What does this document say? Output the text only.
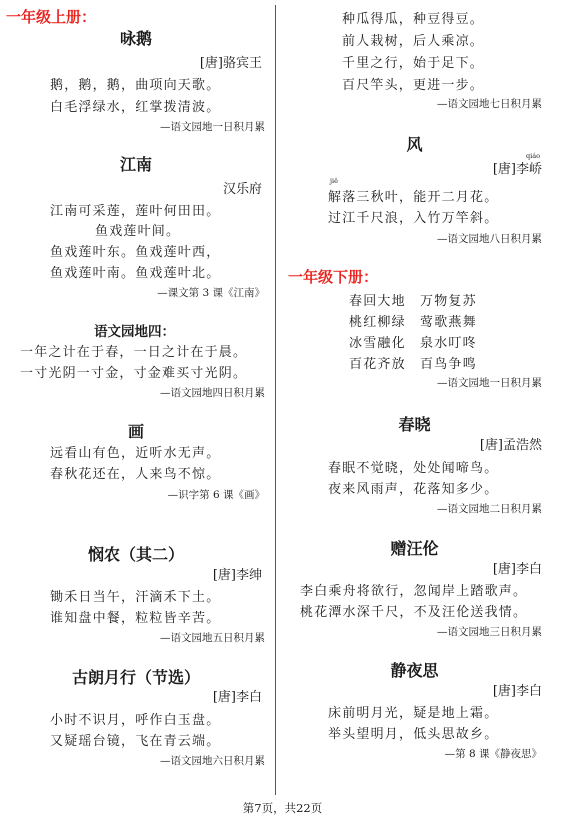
一年级上册：
咏鹅
[唐]骆宾王
鹅，鹅，鹅，曲项向天歌。
白毛浮绿水，红掌拨清波。
—语文园地一日积月累
江南
汉乐府
江南可采莲，莲叶何田田。
鱼戏莲叶间。
鱼戏莲叶东。鱼戏莲叶西，
鱼戏莲叶南。鱼戏莲叶北。
—课文第 3 课《江南》
语文园地四：
一年之计在于春，一日之计在于晨。
一寸光阴一寸金，寸金难买寸光阴。
—语文园地四日积月累
画
远看山有色，近听水无声。
春秋花还在，人来鸟不惊。
—识字第 6 课《画》
悯农（其二）
[唐]李绅
锄禾日当午，汗滴禾下土。
谁知盘中餐，粒粒皆辛苦。
—语文园地五日积月累
古朗月行（节选）
[唐]李白
小时不识月，呼作白玉盘。
又疑瑶台镜，飞在青云端。
—语文园地六日积月累
种瓜得瓜，种豆得豆。
前人栽树，后人乘凉。
千里之行，始于足下。
百尺竿头，更进一步。
—语文园地七日积月累
风
qiáo
[唐]李峤
jiě
解落三秋叶，能开二月花。
过江千尺浪，入竹万竿斜。
—语文园地八日积月累
一年级下册：
春回大地　万物复苏
桃红柳绿　莺歌燕舞
冰雪融化　泉水叮咚
百花齐放　百鸟争鸣
—语文园地一日积月累
春晓
[唐]孟浩然
春眠不觉晓，处处闻啼鸟。
夜来风雨声，花落知多少。
—语文园地二日积月累
赠汪伦
[唐]李白
李白乘舟将欲行，忽闻岸上踏歌声。
桃花潭水深千尺，不及汪伦送我情。
—语文园地三日积月累
静夜思
[唐]李白
床前明月光，疑是地上霜。
举头望明月，低头思故乡。
—第 8 课《静夜思》
第7页，共22页
